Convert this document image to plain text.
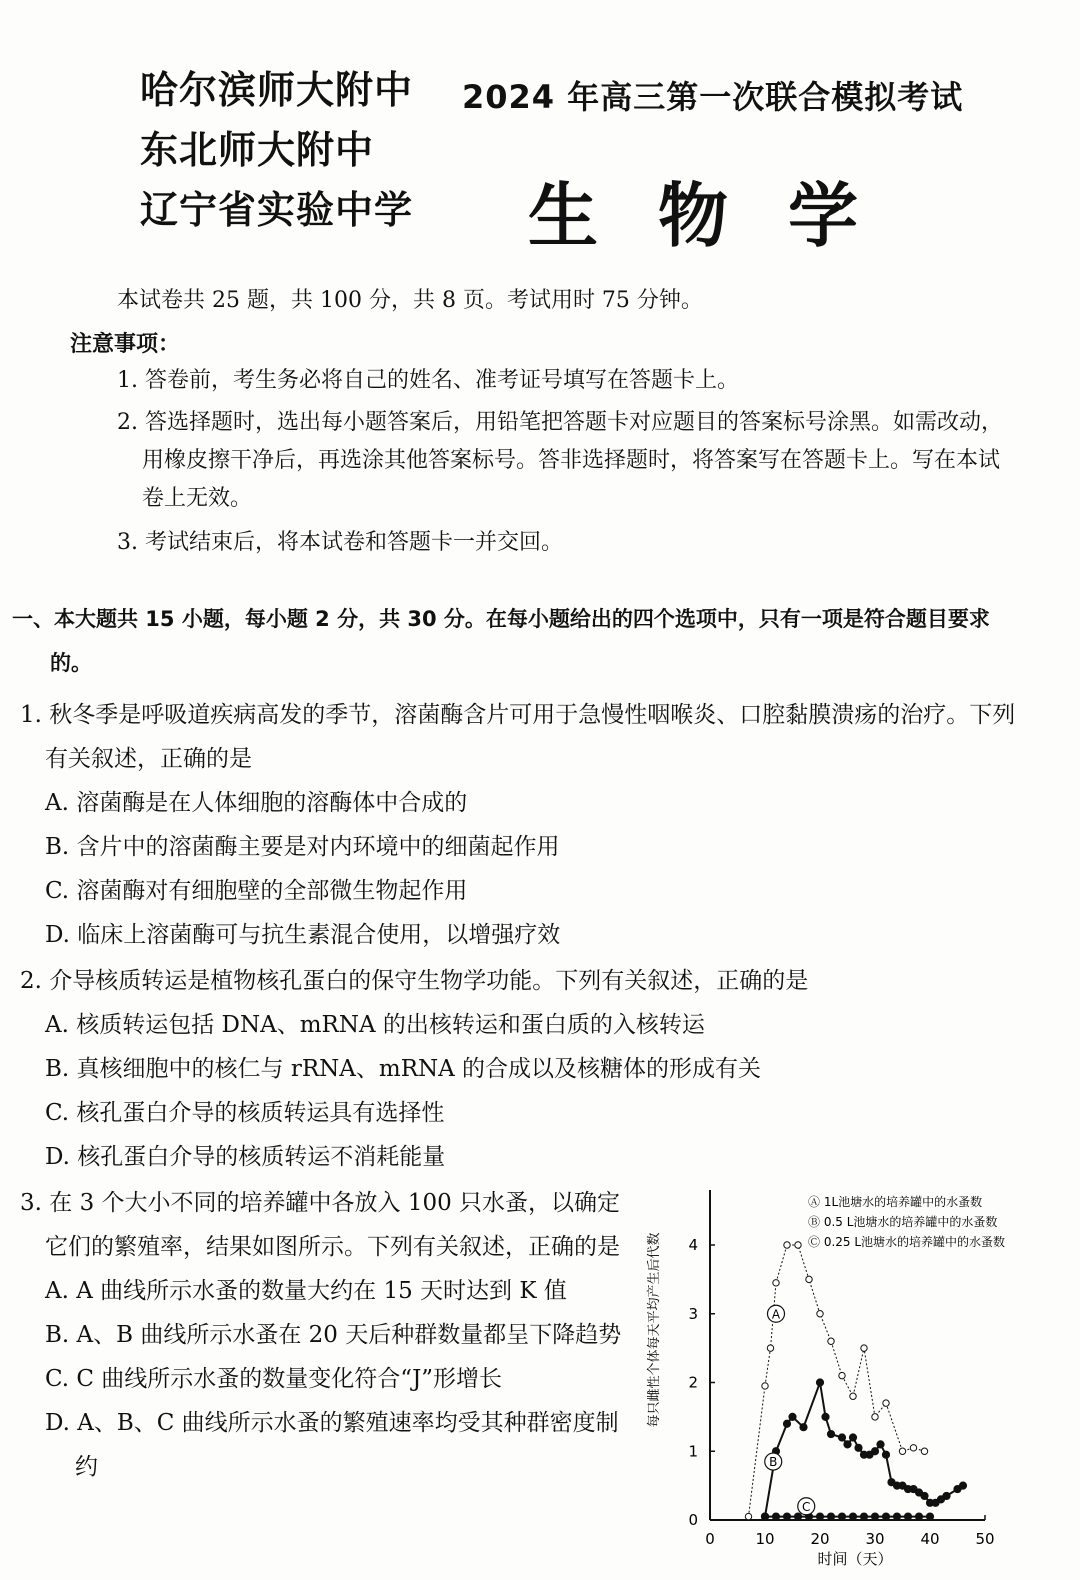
哈尔滨师大附中
东北师大附中
辽宁省实验中学
2024 年高三第一次联合模拟考试
生物学
本试卷共 25 题，共 100 分，共 8 页。考试用时 75 分钟。
注意事项：
1. 答卷前，考生务必将自己的姓名、准考证号填写在答题卡上。
2. 答选择题时，选出每小题答案后，用铅笔把答题卡对应题目的答案标号涂黑。如需改动，
用橡皮擦干净后，再选涂其他答案标号。答非选择题时，将答案写在答题卡上。写在本试
卷上无效。
3. 考试结束后，将本试卷和答题卡一并交回。
一、本大题共 15 小题，每小题 2 分，共 30 分。在每小题给出的四个选项中，只有一项是符合题目要求
的。
1. 秋冬季是呼吸道疾病高发的季节，溶菌酶含片可用于急慢性咽喉炎、口腔黏膜溃疡的治疗。下列
有关叙述，正确的是
A. 溶菌酶是在人体细胞的溶酶体中合成的
B. 含片中的溶菌酶主要是对内环境中的细菌起作用
C. 溶菌酶对有细胞壁的全部微生物起作用
D. 临床上溶菌酶可与抗生素混合使用，以增强疗效
2. 介导核质转运是植物核孔蛋白的保守生物学功能。下列有关叙述，正确的是
A. 核质转运包括 DNA、mRNA 的出核转运和蛋白质的入核转运
B. 真核细胞中的核仁与 rRNA、mRNA 的合成以及核糖体的形成有关
C. 核孔蛋白介导的核质转运具有选择性
D. 核孔蛋白介导的核质转运不消耗能量
3. 在 3 个大小不同的培养罐中各放入 100 只水蚤，以确定
它们的繁殖率，结果如图所示。下列有关叙述，正确的是
A. A 曲线所示水蚤的数量大约在 15 天时达到 K 值
B. A、B 曲线所示水蚤在 20 天后种群数量都呈下降趋势
C. C 曲线所示水蚤的数量变化符合“J”形增长
D. A、B、C 曲线所示水蚤的繁殖速率均受其种群密度制
约
0	10 20 30 40 50
0
1
2
3
4
A
B
C
每只雌性个体每天平均产生后代数
时间（天）
Ⓐ 1L池塘水的培养罐中的水蚤数
Ⓑ 0.5 L池塘水的培养罐中的水蚤数
Ⓒ 0.25 L池塘水的培养罐中的水蚤数
